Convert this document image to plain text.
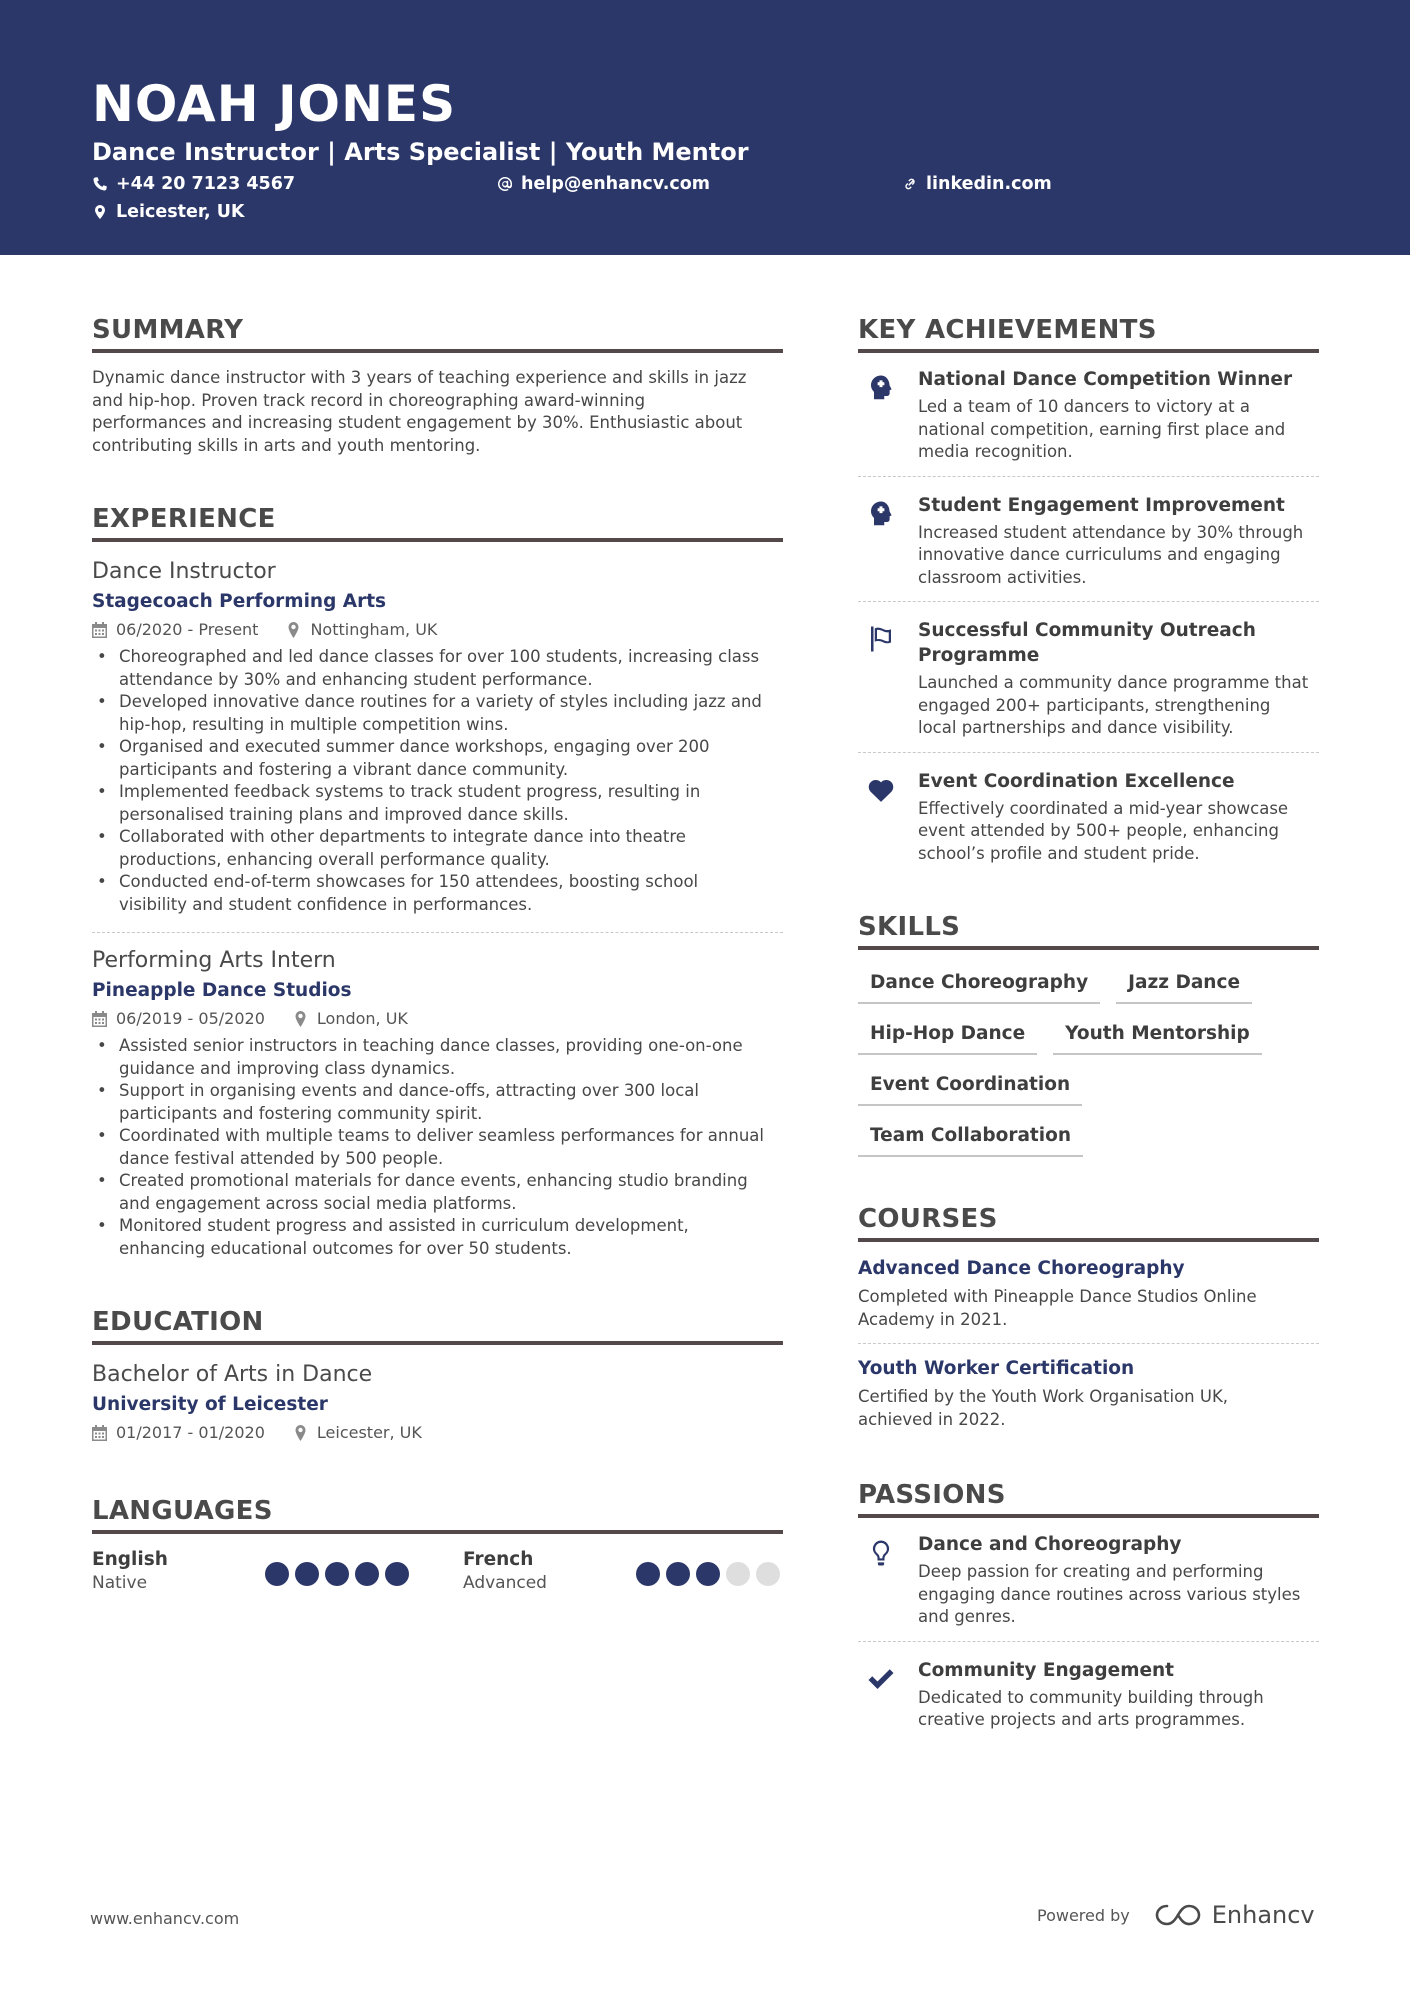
NOAH JONES
Dance Instructor | Arts Specialist | Youth Mentor
+44 20 7123 4567	help@enhancv.com	linkedin.com
Leicester, UK
SUMMARY
Dynamic dance instructor with 3 years of teaching experience and skills in jazz
and hip-hop. Proven track record in choreographing award-winning
performances and increasing student engagement by 30%. Enthusiastic about
contributing skills in arts and youth mentoring.
EXPERIENCE
Dance Instructor
Stagecoach Performing Arts
06/2020 - Present	Nottingham, UK
• Choreographed and led dance classes for over 100 students, increasing class
attendance by 30% and enhancing student performance.
• Developed innovative dance routines for a variety of styles including jazz and
hip-hop, resulting in multiple competition wins.
• Organised and executed summer dance workshops, engaging over 200
participants and fostering a vibrant dance community.
• Implemented feedback systems to track student progress, resulting in
personalised training plans and improved dance skills.
• Collaborated with other departments to integrate dance into theatre
productions, enhancing overall performance quality.
• Conducted end-of-term showcases for 150 attendees, boosting school
visibility and student confidence in performances.
Performing Arts Intern
Pineapple Dance Studios
06/2019 - 05/2020	London, UK
• Assisted senior instructors in teaching dance classes, providing one-on-one
guidance and improving class dynamics.
• Support in organising events and dance-offs, attracting over 300 local
participants and fostering community spirit.
• Coordinated with multiple teams to deliver seamless performances for annual
dance festival attended by 500 people.
• Created promotional materials for dance events, enhancing studio branding
and engagement across social media platforms.
• Monitored student progress and assisted in curriculum development,
enhancing educational outcomes for over 50 students.
EDUCATION
Bachelor of Arts in Dance
University of Leicester
01/2017 - 01/2020	Leicester, UK
LANGUAGES
English
Native
French
Advanced
KEY ACHIEVEMENTS
National Dance Competition Winner
Led a team of 10 dancers to victory at a
national competition, earning first place and
media recognition.
Student Engagement Improvement
Increased student attendance by 30% through
innovative dance curriculums and engaging
classroom activities.
Successful Community Outreach
Programme
Launched a community dance programme that
engaged 200+ participants, strengthening
local partnerships and dance visibility.
Event Coordination Excellence
Effectively coordinated a mid-year showcase
event attended by 500+ people, enhancing
school’s profile and student pride.
SKILLS
Dance Choreography	Jazz Dance
Hip-Hop Dance	Youth Mentorship
Event Coordination
Team Collaboration
COURSES
Advanced Dance Choreography
Completed with Pineapple Dance Studios Online
Academy in 2021.
Youth Worker Certification
Certified by the Youth Work Organisation UK,
achieved in 2022.
PASSIONS
Dance and Choreography
Deep passion for creating and performing
engaging dance routines across various styles
and genres.
Community Engagement
Dedicated to community building through
creative projects and arts programmes.
www.enhancv.com	Powered by	Enhancv
